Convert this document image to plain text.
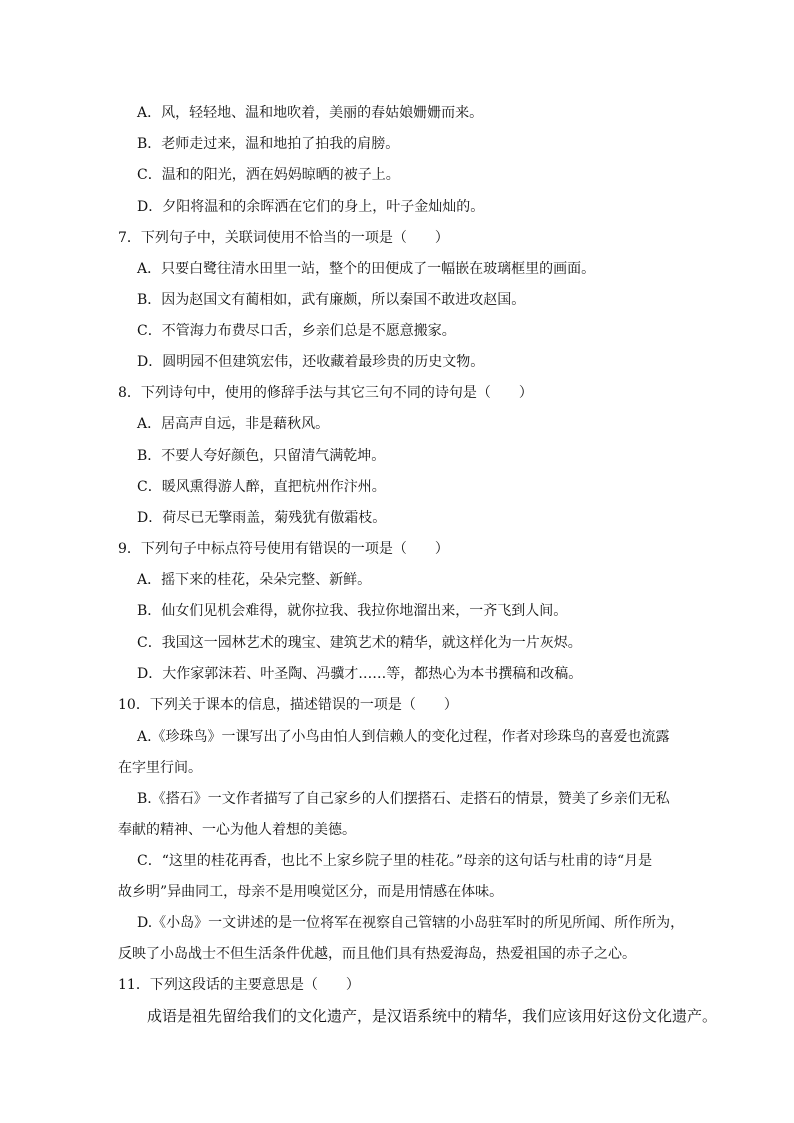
A．风，轻轻地、温和地吹着，美丽的春姑娘姗姗而来。
B．老师走过来，温和地拍了拍我的肩膀。
C．温和的阳光，洒在妈妈晾晒的被子上。
D．夕阳将温和的余晖洒在它们的身上，叶子金灿灿的。
7．下列句子中，关联词使用不恰当的一项是（　　）
A．只要白鹭往清水田里一站，整个的田便成了一幅嵌在玻璃框里的画面。
B．因为赵国文有蔺相如，武有廉颇，所以秦国不敢进攻赵国。
C．不管海力布费尽口舌，乡亲们总是不愿意搬家。
D．圆明园不但建筑宏伟，还收藏着最珍贵的历史文物。
8．下列诗句中，使用的修辞手法与其它三句不同的诗句是（　　）
A．居高声自远，非是藉秋风。
B．不要人夸好颜色，只留清气满乾坤。
C．暖风熏得游人醉，直把杭州作汴州。
D．荷尽已无擎雨盖，菊残犹有傲霜枝。
9．下列句子中标点符号使用有错误的一项是（　　）
A．摇下来的桂花，朵朵完整、新鲜。
B．仙女们见机会难得，就你拉我、我拉你地溜出来，一齐飞到人间。
C．我国这一园林艺术的瑰宝、建筑艺术的精华，就这样化为一片灰烬。
D．大作家郭沫若、叶圣陶、冯骥才……等，都热心为本书撰稿和改稿。
10．下列关于课本的信息，描述错误的一项是（　　）
A.《珍珠鸟》一课写出了小鸟由怕人到信赖人的变化过程，作者对珍珠鸟的喜爱也流露
在字里行间。
B.《搭石》一文作者描写了自己家乡的人们摆搭石、走搭石的情景，赞美了乡亲们无私
奉献的精神、一心为他人着想的美德。
C．“这里的桂花再香，也比不上家乡院子里的桂花。”母亲的这句话与杜甫的诗“月是
故乡明”异曲同工，母亲不是用嗅觉区分，而是用情感在体味。
D.《小岛》一文讲述的是一位将军在视察自己管辖的小岛驻军时的所见所闻、所作所为，
反映了小岛战士不但生活条件优越，而且他们具有热爱海岛，热爱祖国的赤子之心。
11．下列这段话的主要意思是（　　）
成语是祖先留给我们的文化遗产，是汉语系统中的精华，我们应该用好这份文化遗产。
